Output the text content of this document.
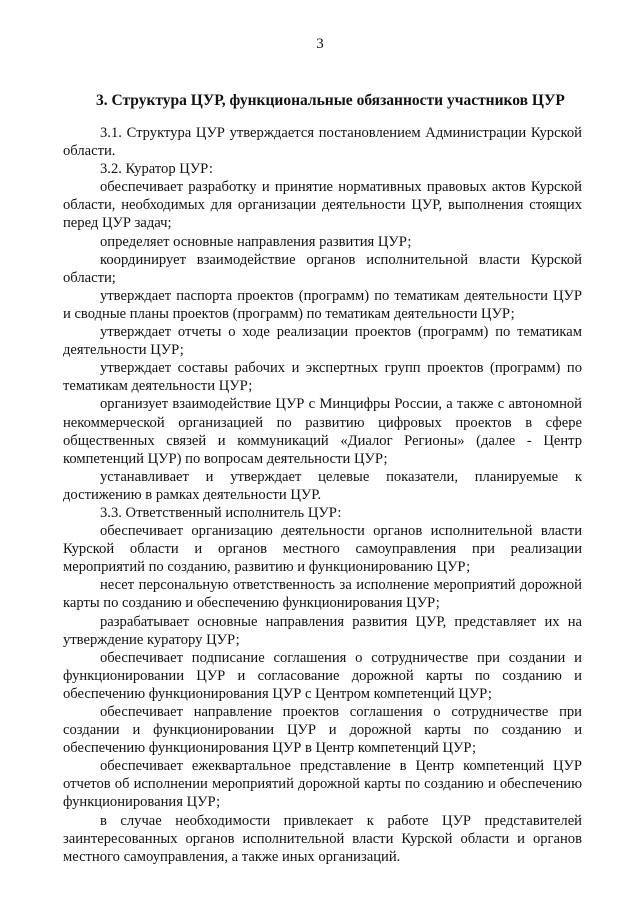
3
3. Структура ЦУР, функциональные обязанности участников ЦУР

3.1. Структура ЦУР утверждается постановлением Администрации Курской области.

3.2. Куратор ЦУР:

обеспечивает разработку и принятие нормативных правовых актов Курской области, необходимых для организации деятельности ЦУР, выполнения стоящих перед ЦУР задач;

определяет основные направления развития ЦУР;

координирует взаимодействие органов исполнительной власти Курской области;

утверждает паспорта проектов (программ) по тематикам деятельности ЦУР и сводные планы проектов (программ) по тематикам деятельности ЦУР;

утверждает отчеты о ходе реализации проектов (программ) по тематикам деятельности ЦУР;

утверждает составы рабочих и экспертных групп проектов (программ) по тематикам деятельности ЦУР;

организует взаимодействие ЦУР с Минцифры России, а также с автономной некоммерческой организацией по развитию цифровых проектов в сфере общественных связей и коммуникаций «Диалог Регионы» (далее - Центр компетенций ЦУР) по вопросам деятельности ЦУР;

устанавливает и утверждает целевые показатели, планируемые к достижению в рамках деятельности ЦУР.

3.3. Ответственный исполнитель ЦУР:

обеспечивает организацию деятельности органов исполнительной власти Курской области и органов местного самоуправления при реализации мероприятий по созданию, развитию и функционированию ЦУР;

несет персональную ответственность за исполнение мероприятий дорожной карты по созданию и обеспечению функционирования ЦУР;

разрабатывает основные направления развития ЦУР, представляет их на утверждение куратору ЦУР;

обеспечивает подписание соглашения о сотрудничестве при создании и функционировании ЦУР и согласование дорожной карты по созданию и обеспечению функционирования ЦУР с Центром компетенций ЦУР;

обеспечивает направление проектов соглашения о сотрудничестве при создании и функционировании ЦУР и дорожной карты по созданию и обеспечению функционирования ЦУР в Центр компетенций ЦУР;

обеспечивает ежеквартальное представление в Центр компетенций ЦУР отчетов об исполнении мероприятий дорожной карты по созданию и обеспечению функционирования ЦУР;

в случае необходимости привлекает к работе ЦУР представителей заинтересованных органов исполнительной власти Курской области и органов местного самоуправления, а также иных организаций.
